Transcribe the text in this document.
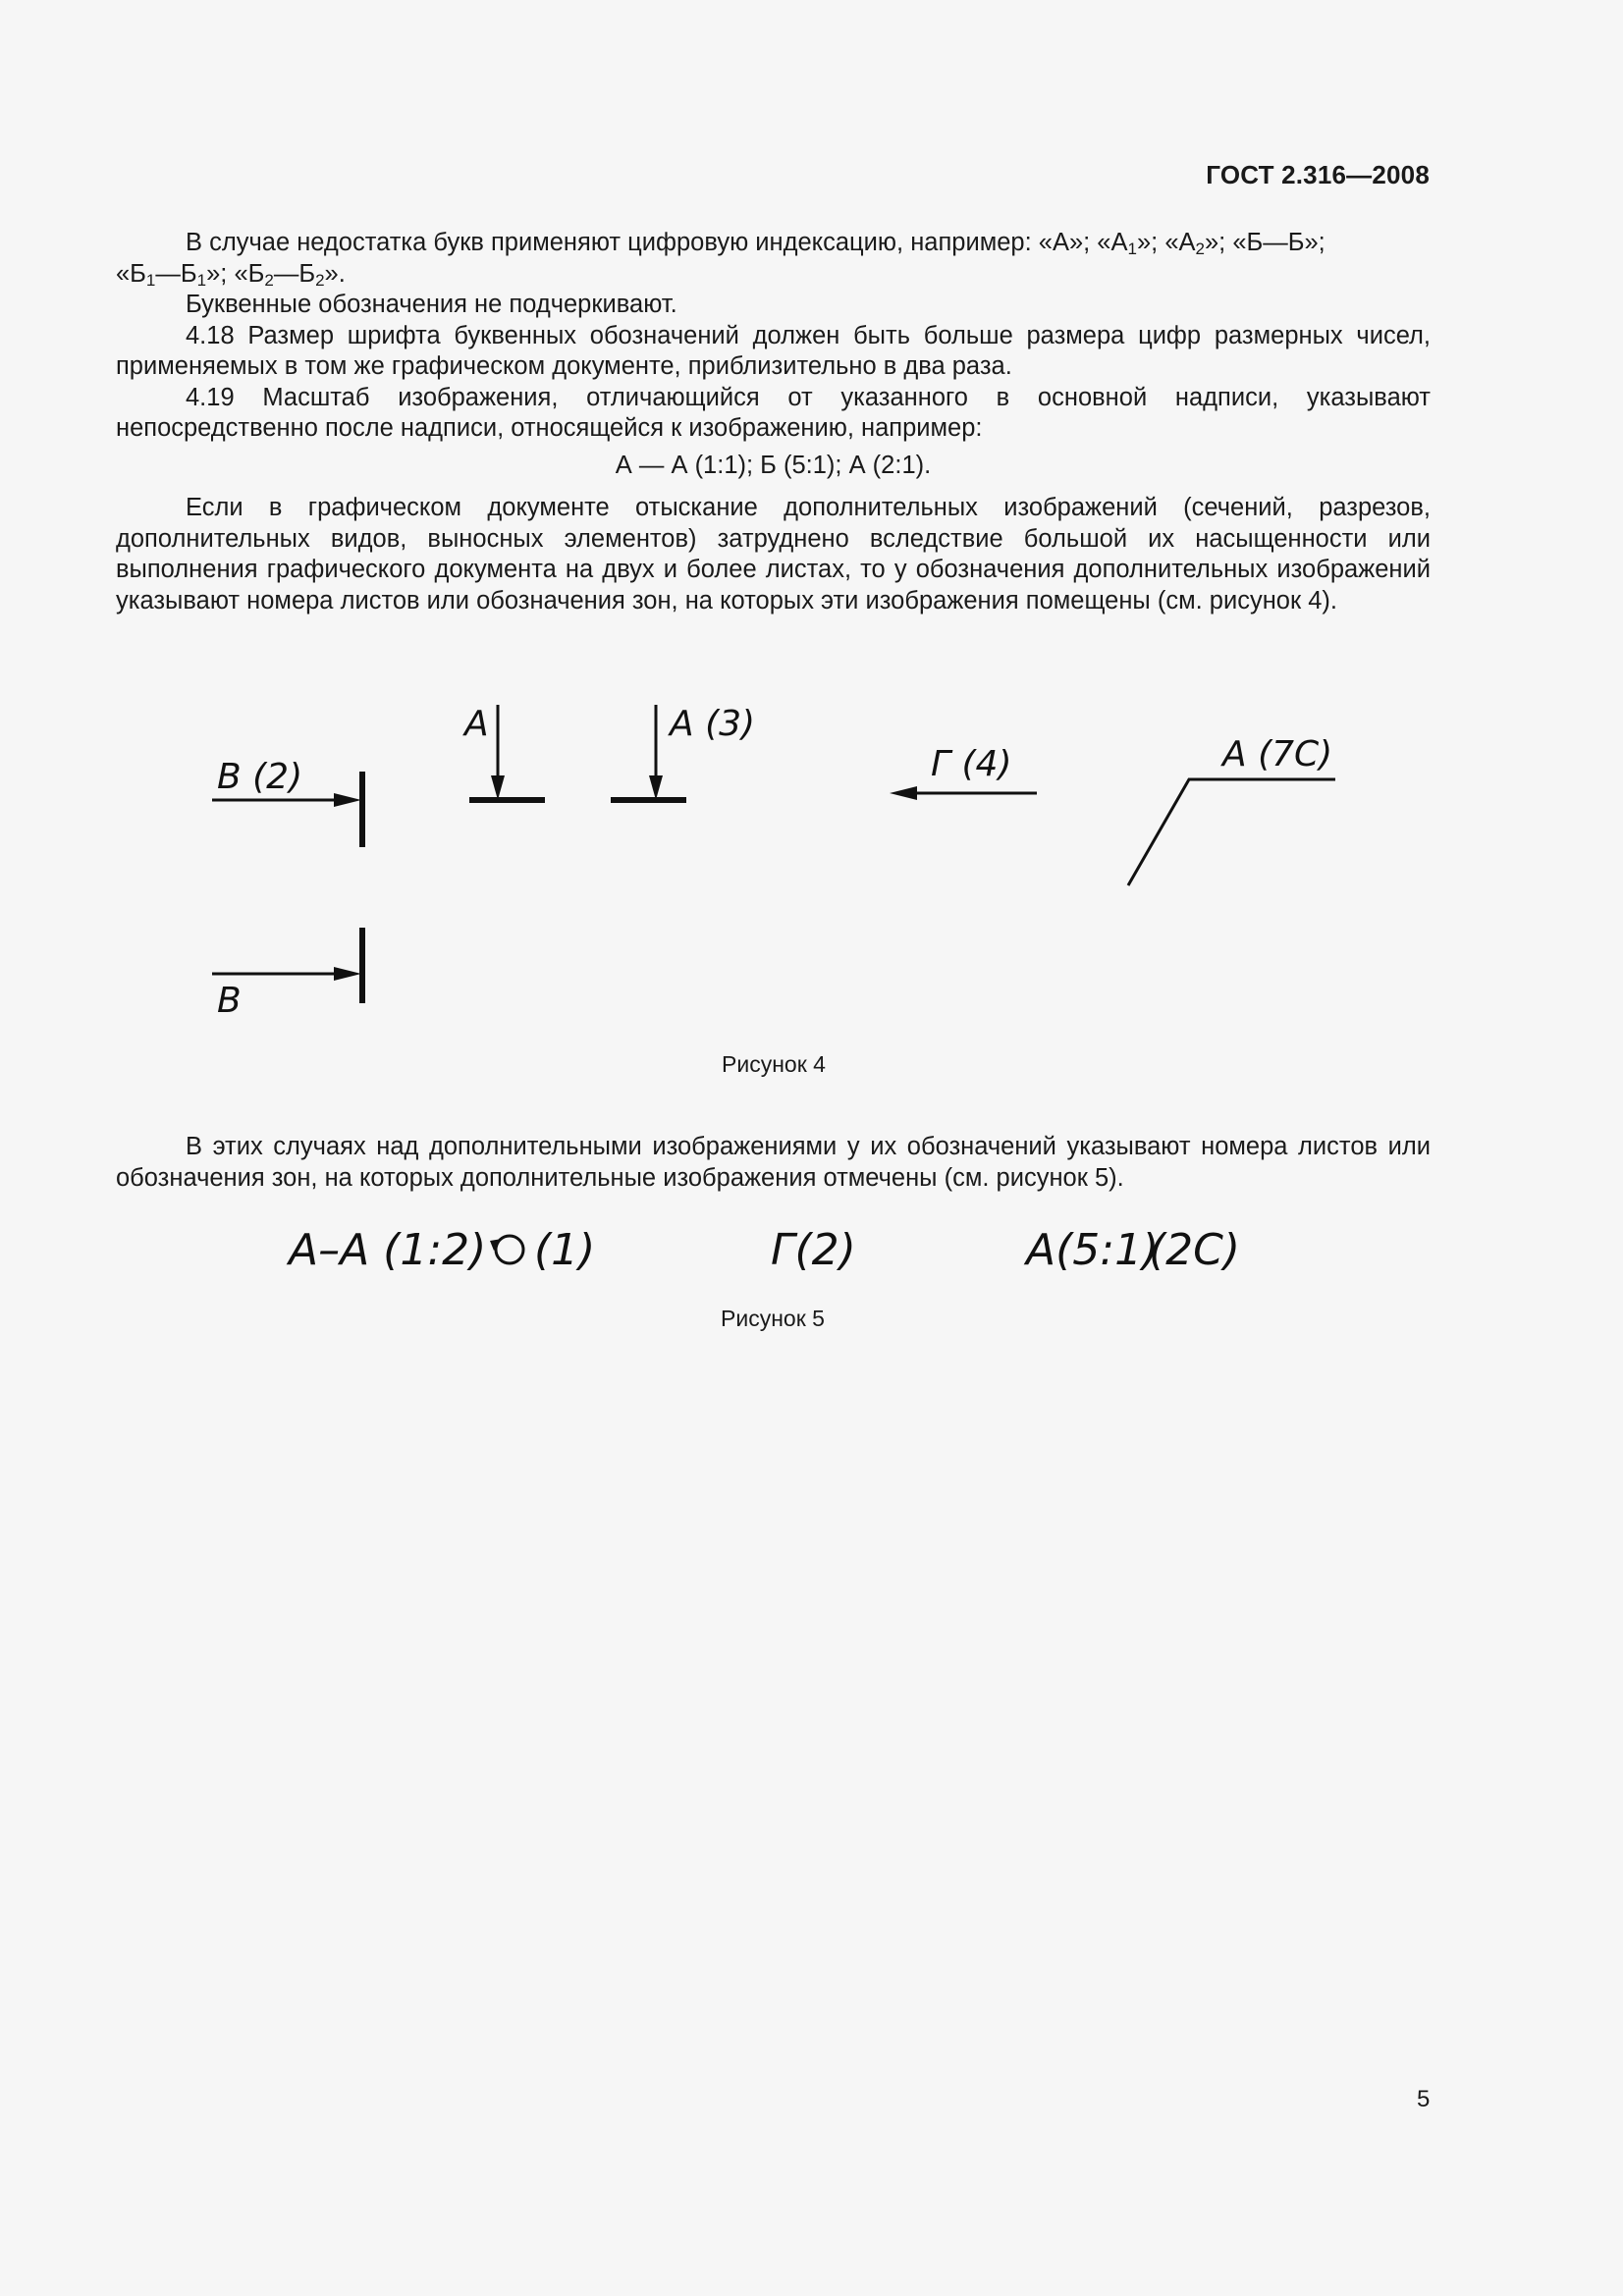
ГОСТ 2.316—2008

В случае недостатка букв применяют цифровую индексацию, например: «А»; «$А_1$»; «$А_2$»; «Б—Б»;

«$Б_1—Б_1$»; «$Б_2—Б_2$».

Буквенные обозначения не подчеркивают.

4.18 Размер шрифта буквенных обозначений должен быть больше размера цифр размерных чисел, применяемых в том же графическом документе, приблизительно в два раза.

4.19 Масштаб изображения, отличающийся от указанного в основной надписи, указывают непосредственно после надписи, относящейся к изображению, например:

А — А (1:1); Б (5:1); А (2:1).

Если в графическом документе отыскание дополнительных изображений (сечений, разрезов, дополнительных видов, выносных элементов) затруднено вследствие большой их насыщенности или выполнения графического документа на двух и более листах, то у обозначения дополнительных изображений указывают номера листов или обозначения зон, на которых эти изображения помещены (см. рисунок 4).

В (2)
А	А (3)
Г (4)	А (7С)
В
Рисунок 4

В этих случаях над дополнительными изображениями у их обозначений указывают номера листов или обозначения зон, на которых дополнительные изображения отмечены (см. рисунок 5).

А–А (1:2) (1)	Г(2)	А(5:1)
(2С)
Рисунок 5
5
